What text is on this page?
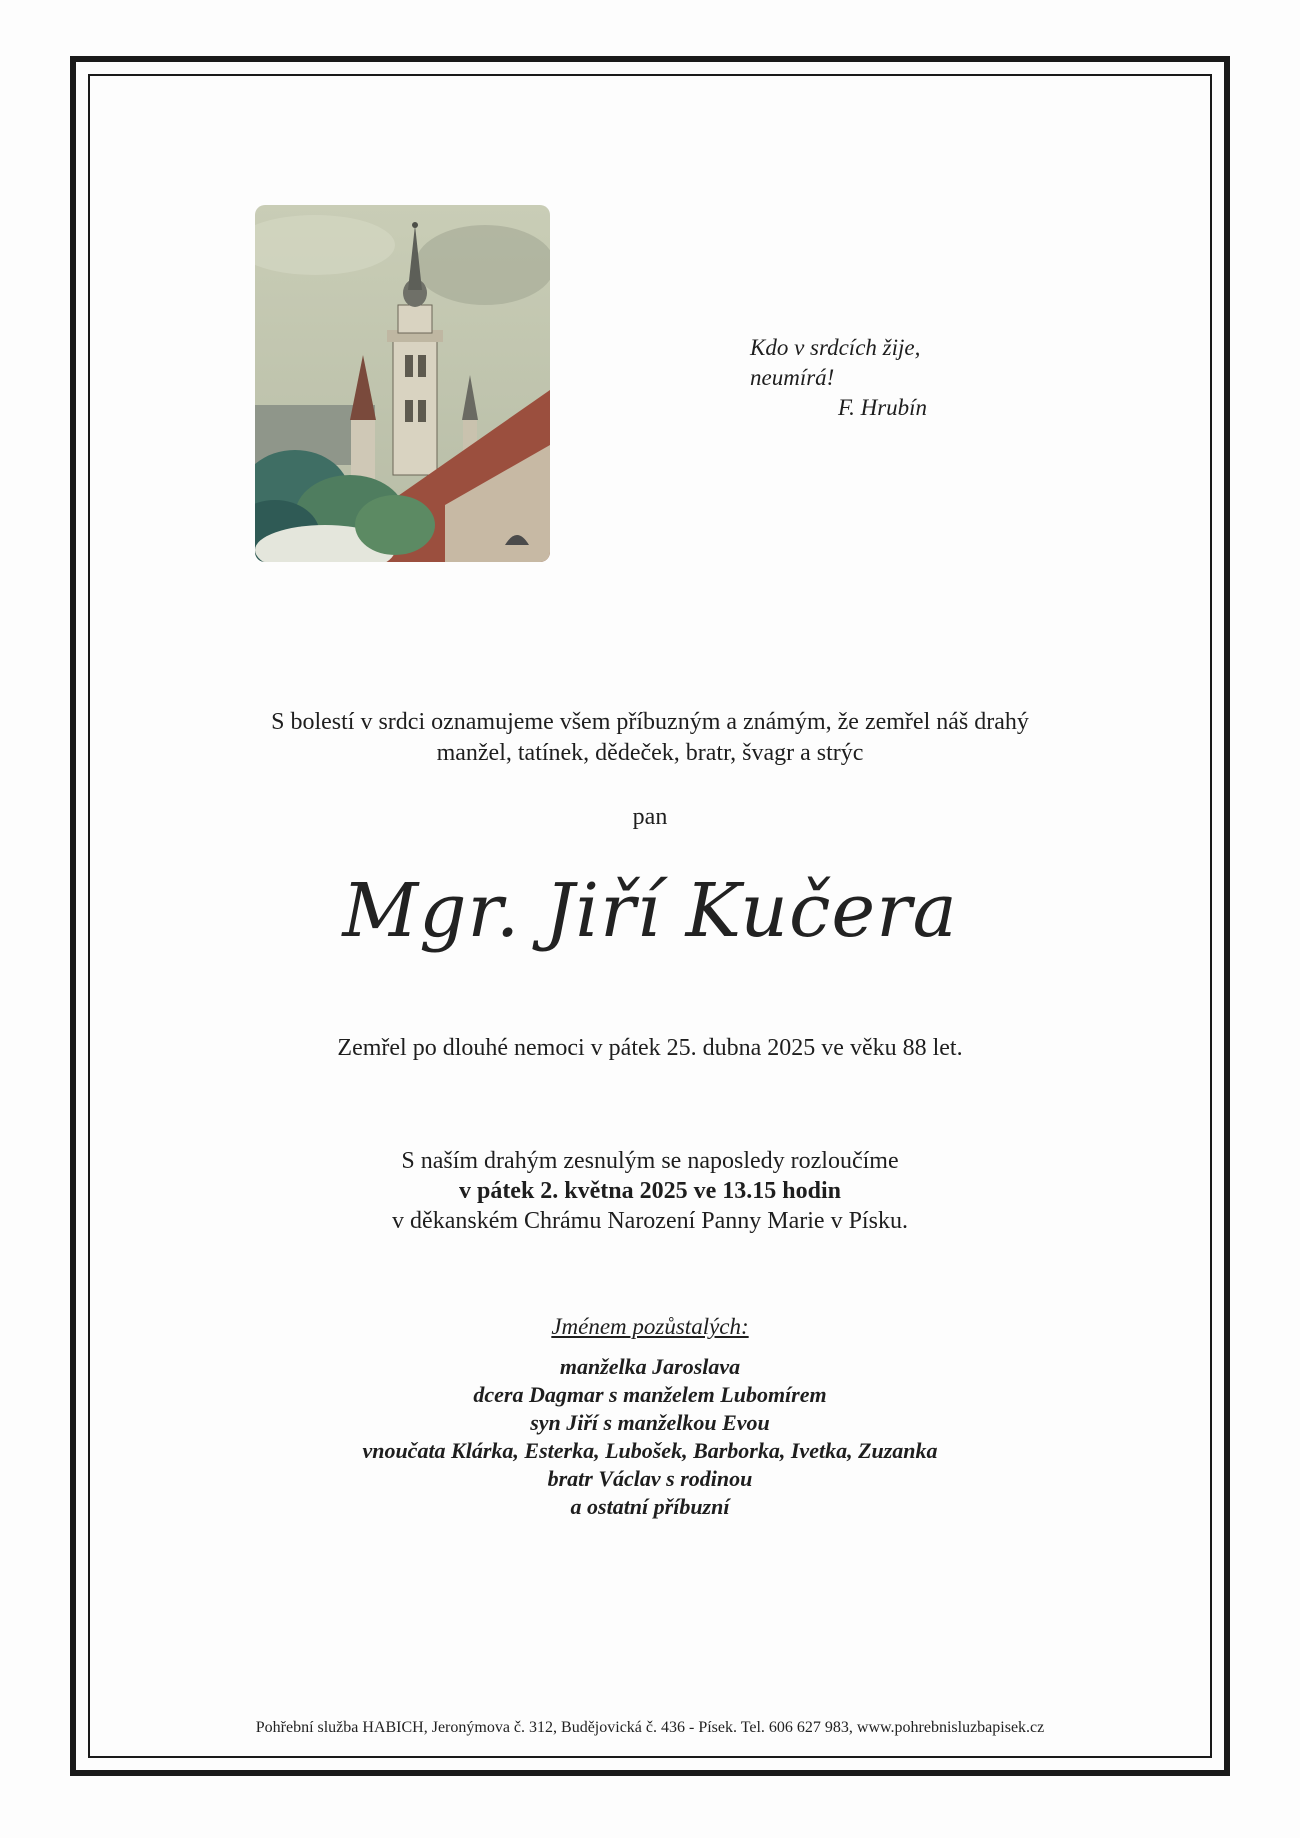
Kdo v srdcích žije,
neumírá!

F. Hrubín
S bolestí v srdci oznamujeme všem příbuzným a známým, že zemřel náš drahý
manžel, tatínek, dědeček, bratr, švagr a strýc
pan
Mgr. Jiří Kučera
Zemřel po dlouhé nemoci v pátek 25. dubna 2025 ve věku 88 let.
S naším drahým zesnulým se naposledy rozloučíme
v pátek 2. května 2025 ve 13.15 hodin
v děkanském Chrámu Narození Panny Marie v Písku.
Jménem pozůstalých:
manželka Jaroslava
dcera Dagmar s manželem Lubomírem
syn Jiří s manželkou Evou
vnoučata Klárka, Esterka, Lubošek, Barborka, Ivetka, Zuzanka
bratr Václav s rodinou
a ostatní příbuzní
Pohřební služba HABICH, Jeronýmova č. 312, Budějovická č. 436 - Písek. Tel. 606 627 983, www.pohrebnisluzbapisek.cz
